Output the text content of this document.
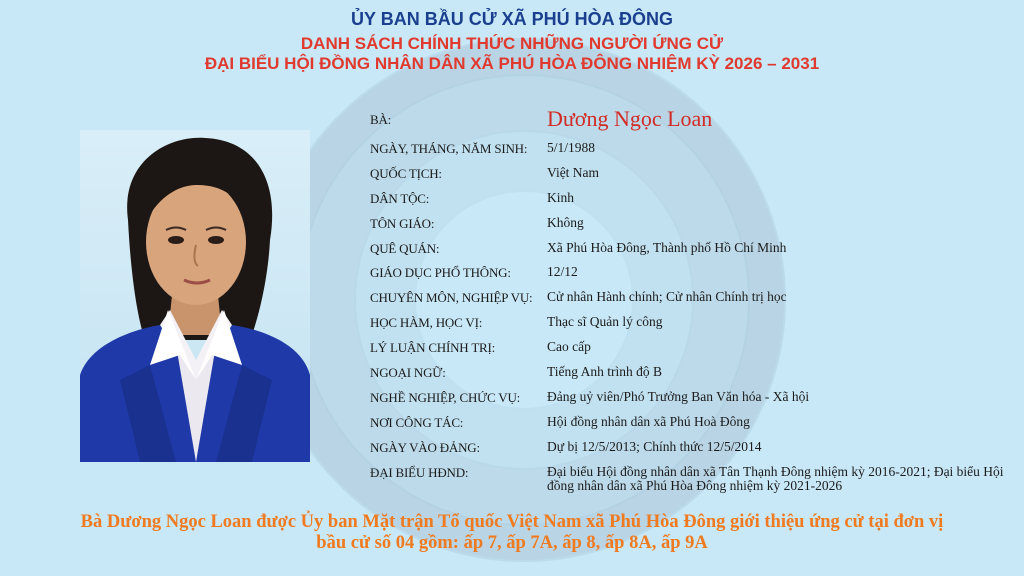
ỦY BAN BẦU CỬ XÃ PHÚ HÒA ĐÔNG
DANH SÁCH CHÍNH THỨC NHỮNG NGƯỜI ỨNG CỬ
ĐẠI BIỂU HỘI ĐỒNG NHÂN DÂN XÃ PHÚ HÒA ĐÔNG NHIỆM KỲ 2026 – 2031
BÀ:	Dương Ngọc Loan
NGÀY, THÁNG, NĂM SINH: 5/1/1988
QUỐC TỊCH:	Việt Nam
DÂN TỘC:	Kinh
TÔN GIÁO:	Không
QUÊ QUÁN:	Xã Phú Hòa Đông, Thành phố Hồ Chí Minh
GIÁO DỤC PHỔ THÔNG:	12/12
CHUYÊN MÔN, NGHIỆP VỤ: Cử nhân Hành chính; Cử nhân Chính trị học
HỌC HÀM, HỌC VỊ:	Thạc sĩ Quản lý công
LÝ LUẬN CHÍNH TRỊ:	Cao cấp
NGOẠI NGỮ:	Tiếng Anh trình độ B
NGHỀ NGHIỆP, CHỨC VỤ: Đảng uỷ viên/Phó Trưởng Ban Văn hóa - Xã hội
NƠI CÔNG TÁC:	Hội đồng nhân dân xã Phú Hoà Đông
NGÀY VÀO ĐẢNG:	Dự bị 12/5/2013; Chính thức 12/5/2014
ĐẠI BIỂU HĐND:	Đại biểu Hội đồng nhân dân xã Tân Thạnh Đông nhiệm kỳ 2016-2021; Đại biểu Hội đồng nhân dân xã Phú Hòa Đông nhiệm kỳ 2021-2026
Bà Dương Ngọc Loan được Ủy ban Mặt trận Tổ quốc Việt Nam xã Phú Hòa Đông giới thiệu ứng cử tại đơn vị
bầu cử số 04 gồm: ấp 7, ấp 7A, ấp 8, ấp 8A, ấp 9A
